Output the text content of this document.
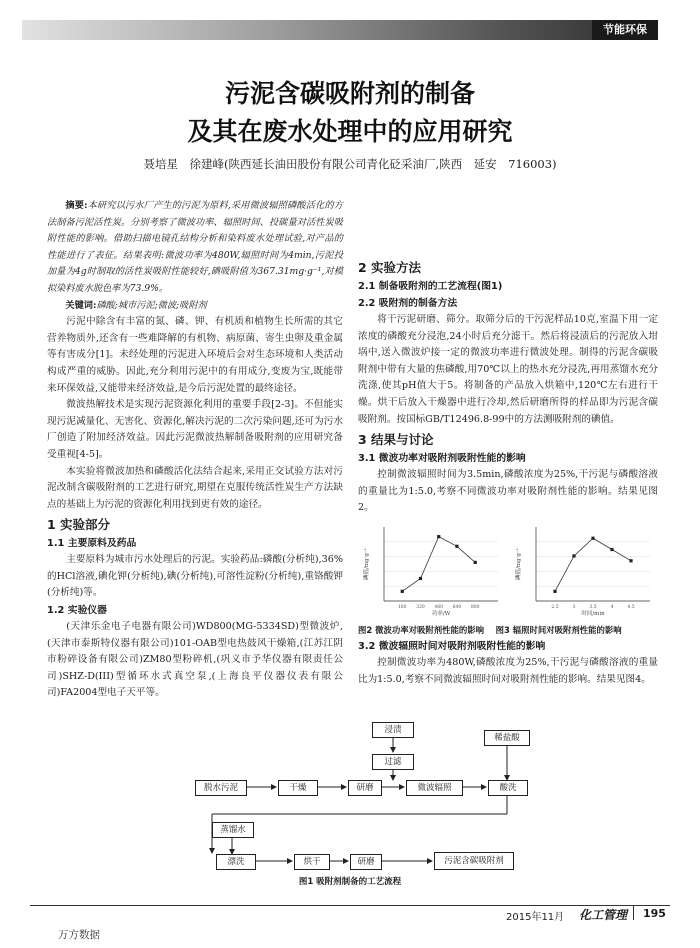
节能环保
污泥含碳吸附剂的制备
及其在废水处理中的应用研究
聂培星　徐建峰(陕西延长油田股份有限公司青化砭采油厂,陕西　延安　716003)

摘要:本研究以污水厂产生的污泥为原料,采用微波辐照磷酸活化的方法制备污泥活性炭。分别考察了微波功率、辐照时间、投碳量对活性炭吸附性能的影响。借助扫描电镜孔结构分析和染料废水处理试验,对产品的性能进行了表征。结果表明:微波功率为480W,辐照时间为4min,污泥投加量为4g时制取的活性炭吸附性能较好,碘吸附值为367.31mg·g⁻¹,对模拟染料废水脱色率为73.9%。

关键词:磷酸;城市污泥;微波;吸附剂

污泥中除含有丰富的氮、磷、钾、有机质和植物生长所需的其它营养物质外,还含有一些难降解的有机物、病原菌、寄生虫卵及重金属等有害成分[1]。未经处理的污泥进入环境后会对生态环境和人类活动构成严重的威胁。因此,充分利用污泥中的有用成分,变废为宝,既能带来环保效益,又能带来经济效益,是今后污泥处置的最终途径。

微波热解技术是实现污泥资源化利用的重要手段[2-3]。不但能实现污泥减量化、无害化、资源化,解决污泥的二次污染问题,还可为污水厂创造了附加经济效益。因此污泥微波热解制备吸附剂的应用研究备受重视[4-5]。

本实验将微波加热和磷酸活化法结合起来,采用正交试验方法对污泥改制含碳吸附剂的工艺进行研究,期望在克服传统活性炭生产方法缺点的基础上为污泥的资源化利用找到更有效的途径。

1 实验部分
1.1 主要原料及药品

主要原料为城市污水处理后的污泥。实验药品:磷酸(分析纯),36%的HCl溶液,碘化钾(分析纯),碘(分析纯),可溶性淀粉(分析纯),重铬酸钾(分析纯)等。

1.2 实验仪器

(天津乐金电子电器有限公司)WD800(MG-5334SD)型微波炉,(天津市泰斯特仪器有限公司)101-OAB型电热鼓风干燥箱,(江苏江阴市粉碎设备有限公司)ZM80型粉碎机,(巩义市予华仪器有限责任公司)SHZ-D(III)型循环水式真空泵,(上海良平仪器仪表有限公司)FA2004型电子天平等。

2 实验方法
2.1 制备吸附剂的工艺流程(图1)
2.2 吸附剂的制备方法

将干污泥研磨、筛分。取筛分后的干污泥样品10克,室温下用一定浓度的磷酸充分浸泡,24小时后充分滤干。然后将浸渍后的污泥放入坩埚中,送入微波炉接一定的微波功率进行微波处理。制得的污泥含碳吸附剂中带有大量的焦磷酸,用70℃以上的热水充分浸洗,再用蒸馏水充分洗涤,使其pH值大于5。将制备的产品放入烘箱中,120℃左右进行干燥。烘干后放入干燥器中进行冷却,然后研磨所得的样品即为污泥含碳吸附剂。按国标GB/T12496.8-99中的方法测吸附剂的碘值。

3 结果与讨论
3.1 微波功率对吸附剂吸附性能的影响

控制微波辐照时间为3.5min,磷酸浓度为25%,干污泥与磷酸溶液的重量比为1:5.0,考察不同微波功率对吸附剂性能的影响。结果见图2。

功率/W
碘值/mg·g⁻¹
160 320 480 640 800
时间/min
碘值/mg·g⁻¹
2.5	3	3.5	4	4.5
图2 微波功率对吸附剂性能的影响 图3 辐照时间对吸附剂性能的影响
3.2 微波辐照时间对吸附剂吸附性能的影响

控制微波功率为480W,磷酸浓度为25%,干污泥与磷酸溶液的重量比为1:5.0,考察不同微波辐照时间对吸附剂性能的影响。结果见图4。

浸渍
过滤
稀盐酸
脱水污泥	干燥	研磨	微波辐照	酸洗
蒸馏水
漂洗	烘干	研磨	污泥含碳吸附剂
图1 吸附剂制备的工艺流程
2015年11月 化工管理 195
万方数据
